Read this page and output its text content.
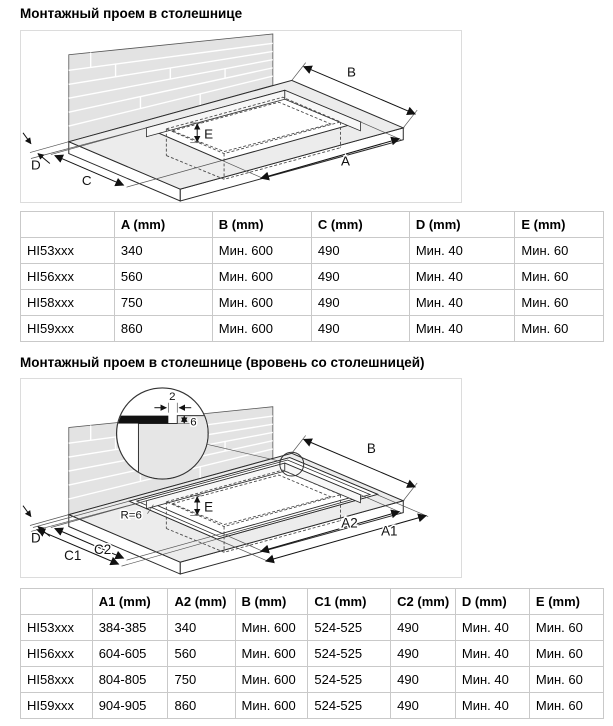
Монтажный проем в столешнице
B
A
C
D
E
	A (mm)	B (mm)	C (mm)	D (mm)	E (mm)
HI53xxx	340	Мин. 600	490	Мин. 40	Мин. 60
HI56xxx	560	Мин. 600	490	Мин. 40	Мин. 60
HI58xxx	750	Мин. 600	490	Мин. 40	Мин. 60
HI59xxx	860	Мин. 600	490	Мин. 40	Мин. 60
Монтажный проем в столешнице (вровень со столешницей)
B
A2
A1
C2
C1
D
E
R=6
2
6
	A1 (mm)	A2 (mm)	B (mm)	C1 (mm)	C2 (mm)	D (mm)	E (mm)
HI53xxx	384-385	340	Мин. 600	524-525	490	Мин. 40	Мин. 60
HI56xxx	604-605	560	Мин. 600	524-525	490	Мин. 40	Мин. 60
HI58xxx	804-805	750	Мин. 600	524-525	490	Мин. 40	Мин. 60
HI59xxx	904-905	860	Мин. 600	524-525	490	Мин. 40	Мин. 60
